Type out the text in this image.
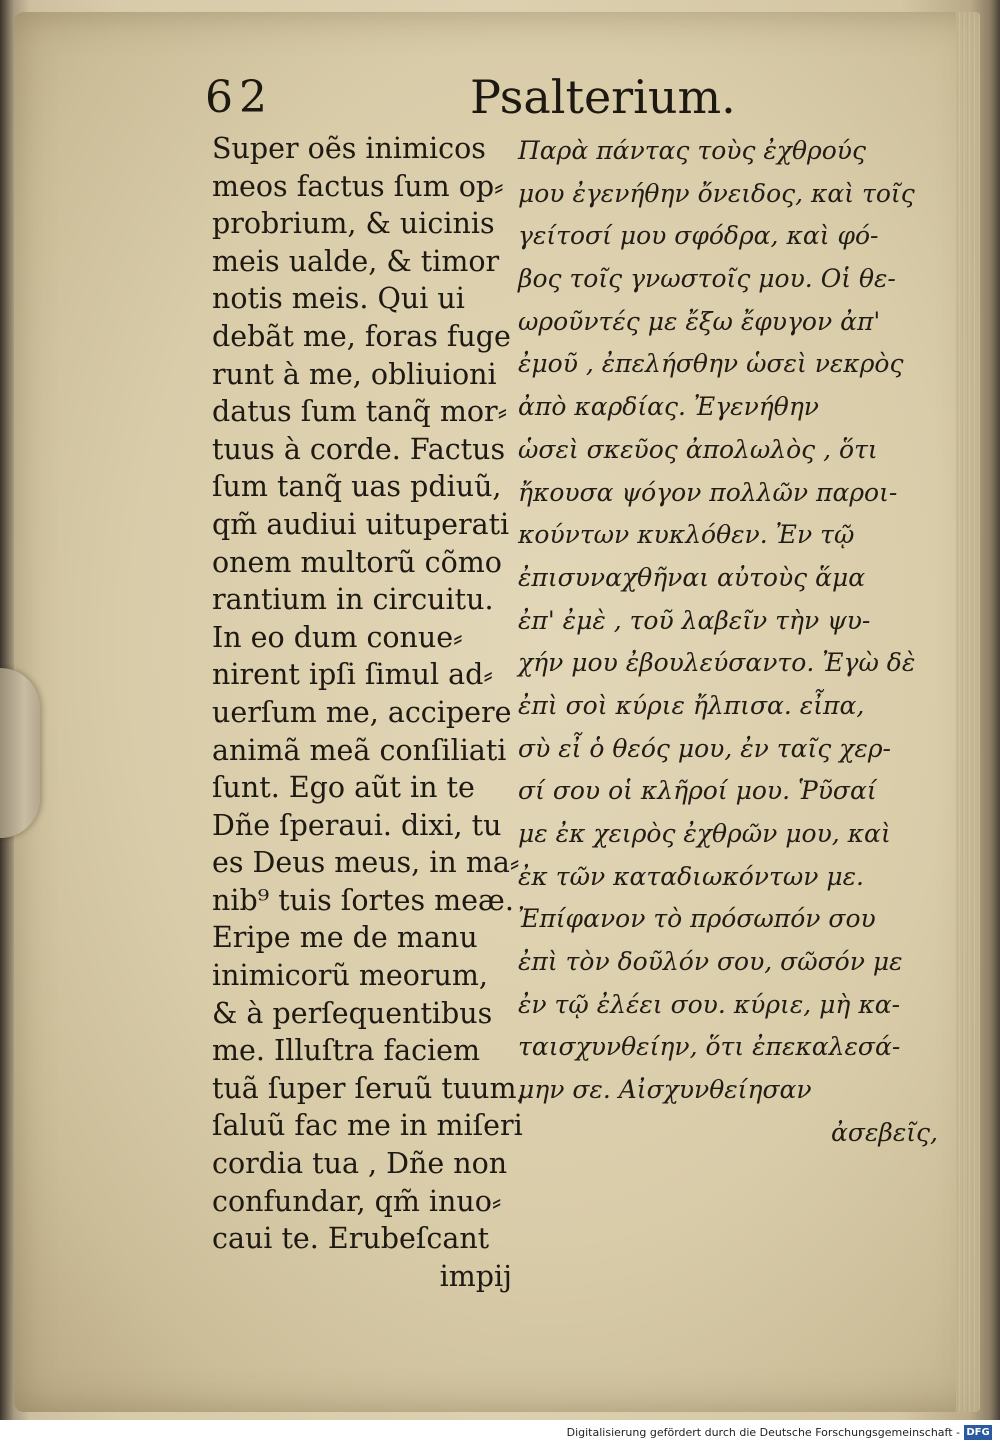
62	Psalterium.
Super oẽs inimicos
meos factus ſum op⸗
probrium, & uicinis
meis ualde, & timor
notis meis. Qui ui
debãt me, foras fuge
runt à me, obliuioni
datus ſum tanq̃ mor⸗
tuus à corde. Factus
ſum tanq̃ uas pdiuũ,
qm̃ audiui uituperati
onem multorũ cõmo
rantium in circuitu.
In eo dum conue⸗
nirent ipſi ſimul ad⸗
uerſum me, accipere
animã meã conſiliati
ſunt. Ego aũt in te
Dñe ſperaui. dixi, tu
es Deus meus, in ma⸗
nib⁹ tuis ſortes meæ.
Eripe me de manu
inimicorũ meorum,
& à perſequentibus
me. Illuſtra faciem
tuã ſuper ſeruũ tuum,
ſaluũ fac me in miſeri
cordia tua , Dñe non
confundar, qm̃ inuo⸗
caui te. Erubeſcant
impij
Παρὰ πάντας τοὺς ἐχθρούς
μου ἐγενήθην ὄνειδος, καὶ τοῖς
γείτοσί μου σφόδρα, καὶ φό-
βος τοῖς γνωστοῖς μου. Οἱ θε-
ωροῦντές με ἔξω ἔφυγον ἀπ'
ἐμοῦ , ἐπελήσθην ὡσεὶ νεκρὸς
ἀπὸ καρδίας. Ἐγενήθην
ὡσεὶ σκεῦος ἀπολωλὸς , ὅτι
ἤκουσα ψόγον πολλῶν παροι-
κούντων κυκλόθεν. Ἐν τῷ
ἐπισυναχθῆναι αὐτοὺς ἅμα
ἐπ' ἐμὲ , τοῦ λαβεῖν τὴν ψυ-
χήν μου ἐβουλεύσαντο. Ἐγὼ δὲ
ἐπὶ σοὶ κύριε ἤλπισα. εἶπα,
σὺ εἶ ὁ θεός μου, ἐν ταῖς χερ-
σί σου οἱ κλῆροί μου. Ῥῦσαί
με ἐκ χειρὸς ἐχθρῶν μου, καὶ
ἐκ τῶν καταδιωκόντων με.
Ἐπίφανον τὸ πρόσωπόν σου
ἐπὶ τὸν δοῦλόν σου, σῶσόν με
ἐν τῷ ἐλέει σου. κύριε, μὴ κα-
ταισχυνθείην, ὅτι ἐπεκαλεσά-
μην σε. Αἰσχυνθείησαν
ἀσεβεῖς,
Digitalisierung gefördert durch die Deutsche Forschungsgemeinschaft - DFG
